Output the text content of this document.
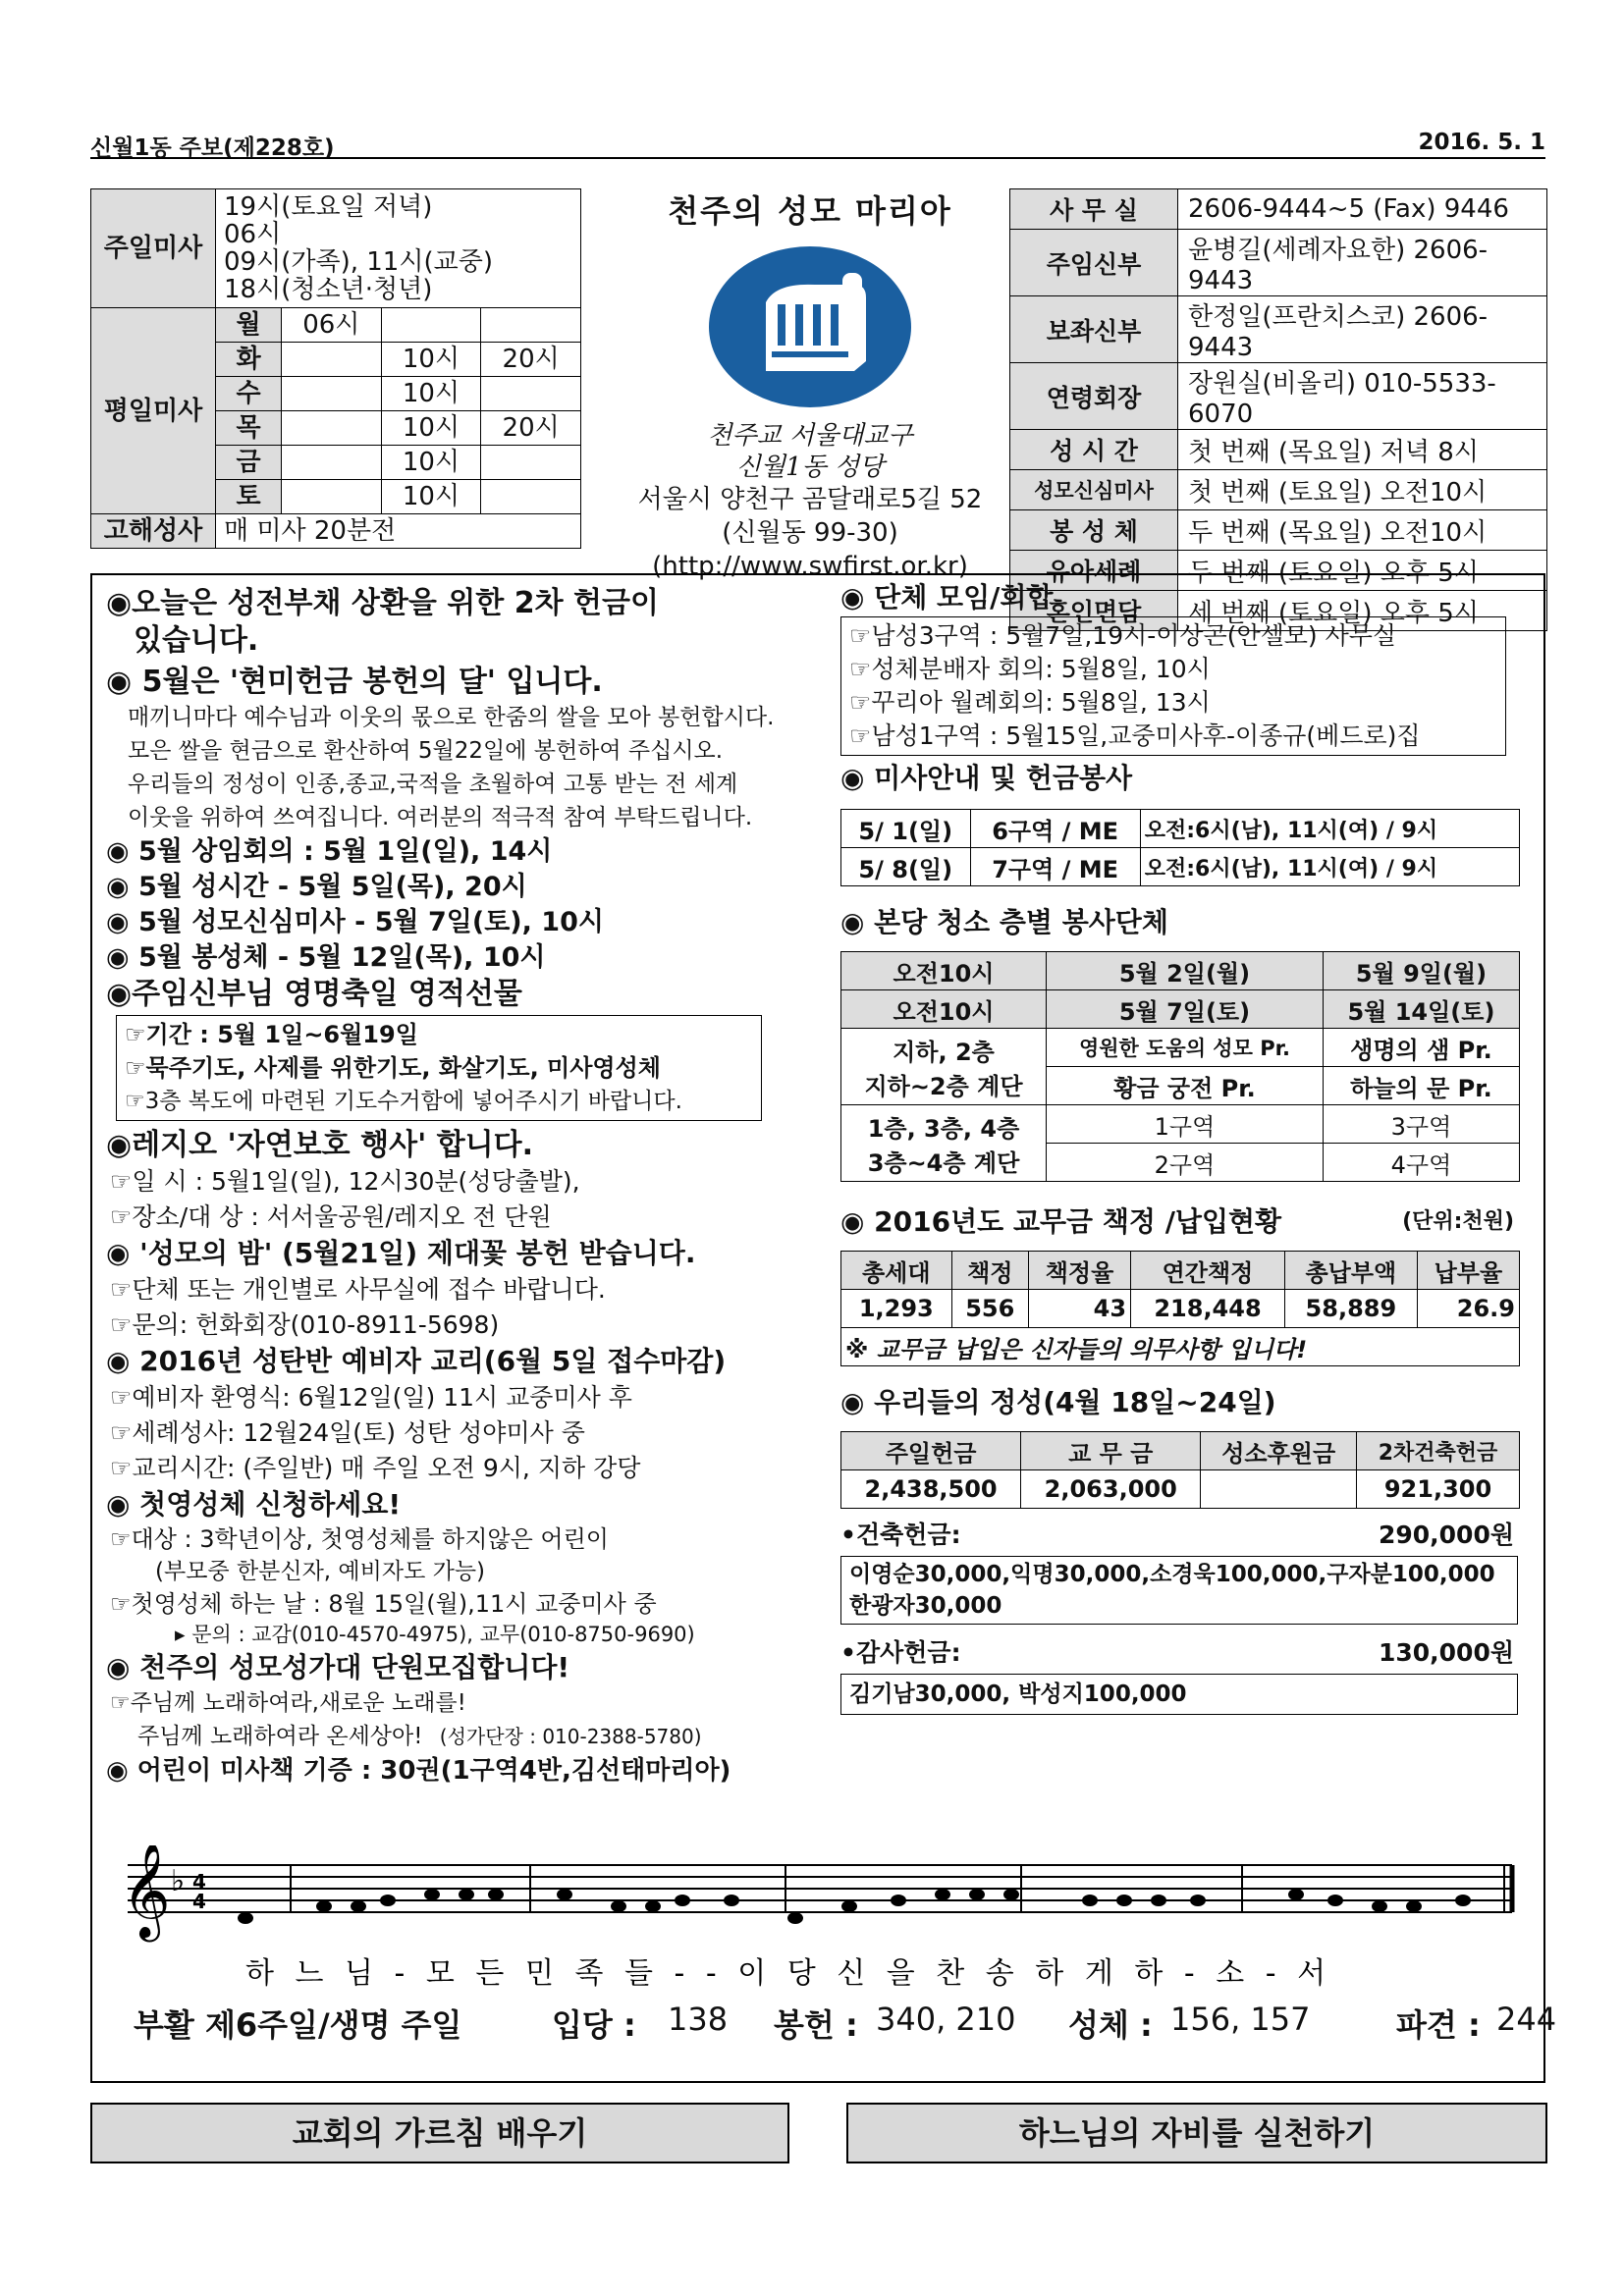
신월1동 주보(제228호)	2016. 5. 1
주일미사	19시(토요일 저녁)
06시
09시(가족), 11시(교중)
18시(청소년·청년)			

평일미사	월	06시		
	화		10시	20시
	수		10시	
	목		10시	20시
	금		10시	
	토		10시	
고해성사	매 미사 20분전			
천주의 성모 마리아
천주교 서울대교구
신월1동 성당
서울시 양천구 곰달래로5길 52
(신월동 99-30)
(http://www.swfirst.or.kr)
사 무 실	2606-9444~5 (Fax) 9446
주임신부	윤병길(세례자요한) 2606-9443
보좌신부	한정일(프란치스코) 2606-9443
연령회장	장원실(비올리) 010-5533-6070
성 시 간	첫 번째 (목요일) 저녁 8시
성모신심미사	첫 번째 (토요일) 오전10시
봉 성 체	두 번째 (목요일) 오전10시
유아세례	두 번째 (토요일) 오후 5시
혼인면담	세 번째 (토요일) 오후 5시
◉오늘은 성전부채 상환을 위한 2차 헌금이
있습니다.
◉ 5월은 '현미헌금 봉헌의 달' 입니다.
매끼니마다 예수님과 이웃의 몫으로 한줌의 쌀을 모아 봉헌합시다.
모은 쌀을 현금으로 환산하여 5월22일에 봉헌하여 주십시오.
우리들의 정성이 인종,종교,국적을 초월하여 고통 받는 전 세계
이웃을 위하여 쓰여집니다. 여러분의 적극적 참여 부탁드립니다.
◉ 5월 상임회의 : 5월 1일(일), 14시
◉ 5월 성시간 - 5월 5일(목), 20시
◉ 5월 성모신심미사 - 5월 7일(토), 10시
◉ 5월 봉성체 - 5월 12일(목), 10시
◉주임신부님 영명축일 영적선물
☞기간 : 5월 1일~6월19일
☞묵주기도, 사제를 위한기도, 화살기도, 미사영성체
☞3층 복도에 마련된 기도수거함에 넣어주시기 바랍니다.
◉레지오 '자연보호 행사' 합니다.
☞일 시 : 5월1일(일), 12시30분(성당출발),
☞장소/대 상 : 서서울공원/레지오 전 단원
◉ '성모의 밤' (5월21일) 제대꽃 봉헌 받습니다.
☞단체 또는 개인별로 사무실에 접수 바랍니다.
☞문의: 헌화회장(010-8911-5698)
◉ 2016년 성탄반 예비자 교리(6월 5일 접수마감)
☞예비자 환영식: 6월12일(일) 11시 교중미사 후
☞세례성사: 12월24일(토) 성탄 성야미사 중
☞교리시간: (주일반) 매 주일 오전 9시, 지하 강당
◉ 첫영성체 신청하세요!
☞대상 : 3학년이상, 첫영성체를 하지않은 어린이
(부모중 한분신자, 예비자도 가능)
☞첫영성체 하는 날 : 8월 15일(월),11시 교중미사 중
▸ 문의 : 교감(010-4570-4975), 교무(010-8750-9690)
◉ 천주의 성모성가대 단원모집합니다!
☞주님께 노래하여라,새로운 노래를!
주님께 노래하여라 온세상아! (성가단장 : 010-2388-5780)
◉ 어린이 미사책 기증 : 30권(1구역4반,김선태마리아)
◉ 단체 모임/회합
☞남성3구역 : 5월7일,19시-이상곤(안셀모) 사무실
☞성체분배자 회의: 5월8일, 10시
☞꾸리아 월례회의: 5월8일, 13시
☞남성1구역 : 5월15일,교중미사후-이종규(베드로)집
◉ 미사안내 및 헌금봉사
5/ 1(일)	6구역 / ME	오전:6시(남), 11시(여) / 9시
5/ 8(일)	7구역 / ME	오전:6시(남), 11시(여) / 9시
◉ 본당 청소 층별 봉사단체
오전10시	5월 2일(월)	5월 9일(월)
오전10시	5월 7일(토)	5월 14일(토)
지하, 2층
지하~2층 계단	영원한 도움의 성모 Pr.	생명의 샘 Pr.
	황금 궁전 Pr.	하늘의 문 Pr.
1층, 3층, 4층
3층~4층 계단	1구역	3구역
	2구역	4구역
◉ 2016년도 교무금 책정 /납입현황	(단위:천원)
총세대	책정	책정율	연간책정	총납부액	납부율
1,293	556	43	218,448	58,889	26.9
※ 교무금 납입은 신자들의 의무사항 입니다!					
◉ 우리들의 정성(4월 18일~24일)
주일헌금	교 무 금	성소후원금	2차건축헌금
2,438,500	2,063,000		921,300
•건축헌금:	290,000원
이영순30,000,익명30,000,소경욱100,000,구자분100,000
한광자30,000
•감사헌금:	130,000원
김기남30,000, 박성지100,000
𝄞 ♭ 4
4
하 느 님 - 모 든 민 족 들 - - 이 당 신 을 찬 송 하 게 하 - 소 - 서
부활 제6주일/생명 주일	입당 : 138 봉헌 : 340, 210 성체 : 156, 157	파견 : 244
교회의 가르침 배우기	하느님의 자비를 실천하기
